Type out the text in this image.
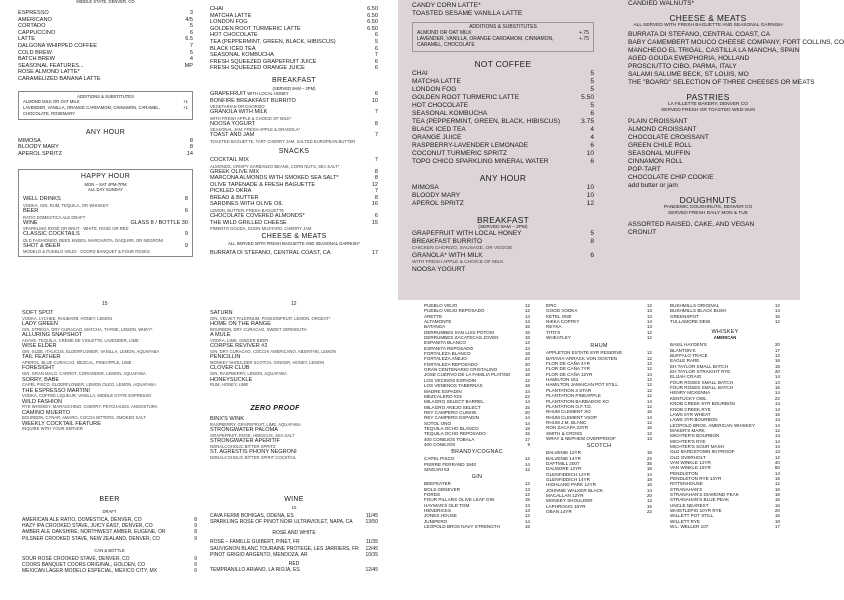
MIDDLE STATE, DENVER, CO
ESPRESSO	3
AMERICANO	4/5
CORTADO	5
CAPPUCCINO	6
LATTE	6.5
DALGONA WHIPPED COFFEE	7
COLD BREW	5
BATCH BREW	4
SEASONAL FEATURES...	MP
ROSE ALMOND LATTE*
CARAMELIZED BANANA LATTE
ADDITIONS & SUBSTITUTES
ALMOND MILK OR OAT MILK	+1
LAVENDER, VANILLA, ORANGE CARDAMOM, CINNAMON, CARAMEL, CHOCOLATE, ROSEMARY
+1
ANY HOUR
MIMOSA	8
BLOODY MARY	8
APEROL SPRITZ	14
HAPPY HOUR
MON – SAT 4PM-7PM
ALL DAY SUNDAY
WELL DRINKS	8
VODKA, GIN, RUM, TEQUILA, OR WHISKEY
BEER	6
RATIO DOMESTICA ALE DRAFT
WINE	GLASS 8 / BOTTLE 30
SPARKLING ROSÉ OR BRUT · WHITE, ROSÉ OR RED
CLASSIC COCKTAILS	9
OLD FASHIONED, BEES KNEES, MARGARITA, DAIQUIRI, OR NEGRONI
SHOT & BEER	9
MODELO & PUEBLO VIEJO · COORS BANQUET & FOUR ROSES
CHAI	6.50
MATCHA LATTE	6.50
LONDON FOG	6.50
GOLDEN ROOT TURMERIC LATTE	6.50
HOT CHOCOLATE	6
TEA (PEPPERMINT, GREEN, BLACK, HIBISCUS)	5
BLACK ICED TEA	6
SEASONAL KOMBUCHA	7
FRESH SQUEEZED GRAPEFRUIT JUICE	6
FRESH SQUEEZED ORANGE JUICE	6
BREAKFAST
(SERVED 8AM – 2PM)
GRAPEFRUIT WITH LOCAL HONEY	6
BONFIRE BREAKFAST BURRITO	10
VEGETARIAN OR CHORIZO
GRANOLA WITH MILK	7
WITH FRESH APPLE & CHOICE OF MILK*
NOOSA YOGURT	8
SEASONAL JAM, FRESH APPLE & GRANOLA*
TOAST AND JAM	7
TOASTED BAGUETTE, TART CHERRY JAM, SALTED EUROPEAN BUTTER
SNACKS
COCKTAIL MIX	7
ALMONDS, CRISPY GARBANZO BEANS, CORN NUTS, SEA SALT*
GREEK OLIVE MIX	8
MARCONA ALMONDS WITH SMOKED SEA SALT*	8
OLIVE TAPENADE & FRESH BAGUETTE	12
PICKLED OKRA	7
BREAD & BUTTER	8
SARDINES WITH OLIVE OIL	16
LEMON, BUTTER, FRESH BAGUETTE
CHOCOLATE COVERED ALMONDS*	6
THE WILD GRILLED CHEESE	15
PIMENTO GOUDA, DIJON MUSTARD, CHERRY JAM
CHEESE & MEATS
ALL SERVED WITH FRESH BAGUETTE AND SEASONAL GARNISH*
BURRATA DI STEFANO, CENTRAL COAST, CA	17
CANDY CORN LATTE*
TOASTED SESAME VANILLA LATTE
ADDITIONS & SUBSTITUTES
ALMOND OR OAT MILK	+.75
LAVENDER, VANILLA, ORANGE CARDAMOM, CINNAMON, CARAMEL, CHOCOLATE
+.75
NOT COFFEE
CHAI	5
MATCHA LATTE	5
LONDON FOG	5
GOLDEN ROOT TURMERIC LATTE	5.50
HOT CHOCOLATE	5
SEASONAL KOMBUCHA	6
TEA (PEPPERMINT, GREEN, BLACK, HIBISCUS)	3.75
BLACK ICED TEA	4
ORANGE JUICE	4
RASPBERRY-LAVENDER LEMONADE	6
COCONUT TURMERIC SPRITZ	10
TOPO CHICO SPARKLING MINERAL WATER	6
ANY HOUR
MIMOSA	10
BLOODY MARY	10
APEROL SPRITZ	12
BREAKFAST
(SERVED 8AM – 2PM)
GRAPEFRUIT WITH LOCAL HONEY	5
BREAKFAST BURRITO	8
CHICKEN CHORIZO, SAUSAGE, OR VEGGIE
GRANOLA* WITH MILK	6
WITH FRESH APPLE & CHOICE OF MILK
NOOSA YOGURT
CANDIED WALNUTS*
CHEESE & MEATS
ALL SERVED WITH FRESH BAGUETTE AND SEASONAL GARNISH
BURRATA DI STEFANO, CENTRAL COAST, CA
BABY CAMEMBERT MOUCO CHEESE COMPANY, FORT COLLINS, CO
MANCHEGO EL TRIGAL, CASTILLA LA MANCHA, SPAIN
AGED GOUDA EWEPHORIA, HOLLAND
PROSCIUTTO CIBO, PARMA, ITALY
SALAMI SALUME BECK, ST LOUIS, MO
THE "BOARD" SELECTION OF THREE CHEESES OR MEATS
PASTRIES
LA FILLETTE BAKERY, DENVER CO
SERVED FRESH OR TOASTED WED-SUN
PLAIN CROISSANT
ALMOND CROISSANT
CHOCOLATE CROISSANT
GREEN CHILE ROLL
SEASONAL MUFFIN
CINNAMON ROLL
POP-TART
CHOCOLATE CHIP COOKIE
add butter or jam
DOUGHNUTS
PANDEMIC DOUGHNUTS, DENVER CO
SERVED FRESH DAILY MON & TUE
ASSORTED RAISED, CAKE, AND VEGAN
CRONUT
15	12
SOFT SPOT
VODKA, LYCHEE, RHUBARB, HONEY, LEMON
LADY GREEN
GIN, STREGA, DRY CURACAO, MATCHA, THYME, LEMON, WHEY*
ALLURING SNAPSHOT
AGAVE, TEQUILA, CRÈME DE VIOLETTE, LAVENDER, LIME
WISE ELDER
GIN, SUZE, ITALICUS, ELDERFLOWER, VANILLA, LEMON, AQUAFABA
TAIL FEATHER
APEROL, BLUE CURACAO, MEZCAL, PINEAPPLE, LIME
FORESIGHT
GIN, GRAN MALO, CARROT, CORIANDER, LEMON, AQUAFABA
SORRY, BABE
CAPEL PISCO, ELDERFLOWER, LEMON OLEO, LEMON, AQUAFABA
THE ESPRESSO MARTINI
VODKA, COFFEE LIQUEUR, VANILLA, MIDDLE STATE ESPRESSO
WILD FASHION
RYE WHISKEY, MARASCHINO, CHERRY, PEYCHAUDS, ANGOSTURA
CAMINO MUERTO
BOURBON, CYNAR, AMARO, COCOA BITTERS, SMOKED SALT
WEEKLY COCKTAIL FEATURE
INQUIRE WITH YOUR SERVER
SATURN
GIN, VELVET FALERNUM, PASSIONFRUIT, LEMON, ORGEAT*
HOME ON THE RANGE
BOURBON, DRY CURACAO, SWEET VERMOUTH
A MULE
VODKA, LIME, GINGER BEER
CORPSE REVIVER #2
GIN, DRY CURACAO, COCCHI AMERICANO, ABSINTHE, LEMON
PENICILLIN
MONKEY SHOULDER SCOTCH, GINGER, HONEY, LEMON
CLOVER CLUB
GIN, RASPBERRY, LEMON, AQUAFABA
HONEYSUCKLE
RUM, HONEY, LIME
ZERO PROOF
BINX'S WINK
RASPBERRY, GRAPEFRUIT, LIME, AQUAFABA
STRONGWATER PALOMA
GRAPEFRUIT, ROSE, HIBISCUS, SEA SALT
STRONGWATER APERITIF
NONALCOHOLIC BITTER SPRITZ
ST. AGRESTIS PHONY NEGRONI
NONALCOHOLIC BITTER SPIRIT COCKTAIL
BEER
DRAFT
AMERICAN ALE RATIO, DOMESTICA, DENVER, CO	8
HAZY IPA CROOKED STAVE, JUICY EAST, DENVER, CO	9
AMBER ALE OAKSHIRE, NORTHWEST AMBER, EUGENE, OR	8
PILSNER CROOKED STAVE, NEW ZEALAND, DENVER, CO	9
CAN & BOTTLE
SOUR ROSÉ CROOKED STAVE, DENVER, CO	9
COORS BANQUET COORS ORIGINAL, GOLDEN, CO	6
MEXICAN LAGER MODELO ESPECIAL, MEXICO CITY, MX	6
WINE
10
CAVA FERMI BOHIGAS, ODENA, ES	11/45
SPARKLING ROSE OF PINOT NOIR ULTRAVIOLET, NAPA, CA	13/50
ROSÉ AND WHITE
ROSÉ – FAMILLE GUIBERT, PINET, FR	11/35
SAUVIGNON BLANC TOURAINE PROTEGE, LES JARRIERS, FR 12/45
PINOT GRIGIO ARGENTO, MENDOZA, AR	10/35
RED
TEMPRANILLO ARIANO, LA RIOJA, ES	12/45
PUEBLO VIEJO	12
PUEBLO VIEJO REPOSADO	12
ARETTE	14
ALTAMONTE	13
BATANGA	15
DERRUMBES SAN LUIS POTOSI	16
DERRUMBES ZACATECAS JOVEN	18
ESPANITA BLANCO	12
ESPANITA REPOSADO	13
FORTALEZA BLANCO	18
FORTALEZA AÑEJO	22
FORTALEZA REPOSADO	20
GRAN CENTENARIO CRISTALINO	12
JOSE CUERVO DE LA FAMILIA PLATINO	18
LOS VECINOS ESPADIN	12
LOS VENENOS TABERNAS	18
MADRE ESPADIN	14
MEZCALERO #23	22
MILAGRO SELECT BARREL	14
MILAGRO ANEJO SELECT	15
REY CAMPERO CUISHE	20
REY CAMPERO ESPADIN	14
SOTOL ONO	14
TEQUILA OCHO BLANCO	15
TEQUILA OCHO REPOSADO	15
400 CONEJOS TOBALA	17
400 CONEJOS	9
BRANDY/COGNAC
CAPEL PISCO	12
PIERRE FERRAND 1840	14
SINGANI 63	12
GIN
BEEFEATER	12
BOLS GENEVER	13
FORDS	12
FOUR PILLARS OLIVE LEAF GIN	15
HAYMAN'S OLD TOM	13
HENDRICKS	14
JONES HOUSE	12
JUNIPERO	14
LEOPOLD BROS NAVY STRENGTH	15
EPIC	12
GOOD VODKA	13
KETEL ONE	13
NIKKA COFFEY	14
REYKA	13
TITO'S	12
WHEATLEY	12
RHUM
APPLETON ESTATE 8YR RESERVE	12
BATAVIA-ARRACK VON OOSTEN	12
FLOR DE CAÑA 4YR	12
FLOR DE CAÑA 7YR	12
FLOR DE CAÑA 12YR	14
HAMILTON 151	12
HAMILTON JAMAICAN POT STILL	12
PLANTATION 3 STAR	12
PLANTATION PINEAPPLE	12
PLANTATION BARBADOS XO	14
PLANTATION O.F.T.D.	12
RHUM CLEMENT XO	16
RHUM CLEMENT VSOP	14
RHUM J.M. BLANC	12
RON ZACAPA 23YR	16
SMITH & CROSS	12
WRAY & NEPHEW OVERPROOF	13
SCOTCH
BALVENIE 12YR	18
BALVENIE 14YR	22
DAFTMILL 2007	35
DALMORE 12YR	18
GLENFIDDICH 12YR	14
GLENFIDDICH 14YR	18
HIGHLAND PARK 12YR	16
JOHNNIE WALKER BLACK	14
MACALLAN 12YR	20
MONKEY SHOULDER	13
LAPHROAIG 10YR	16
OBAN 14YR	22
BUSHMILLS ORIGINAL	12
BUSHMILLS BLACK BUSH	14
GREENSPOT	15
TULLAMORE DEW	12
WHISKEY
AMERICAN
BASIL HAYDEN'S	20
BLANTON'S	17
BUFFALO TRACE	12
EAGLE RARE	16
EH TAYLOR SMALL BATCH	18
EH TAYLOR STRAIGHT RYE	20
ELIJAH CRAIG	14
FOUR ROSES SMALL BATCH	14
FOUR ROSES SMALL BATCH	16
HENRY MCKENNA	14
KENTUCKY OWL	22
KNOB CREEK 9YR BOURBON	14
KNOB CREEK RYE	14
LAWS 5YR WHEAT	16
LAWS 3YR BOURBON	14
LEOPOLD BROS. AMERICAN WHISKEY	14
MAKER'S MARK	12
MICHTER'S BOURBON	14
MICHTER'S RYE	14
MICHTER'S SOUR MASH	14
OLD BARDSTOWN 90 PROOF	13
OLD OVERHOLT	12
VAN WINKLE 12YR	40
VAN WINKLE 15YR	60
PENDLETON	14
PENDLETON RYE 13YR	18
RITTENHOUSE	12
STRANAHAN'S	16
STRANAHAN'S DIAMOND PEAK	18
STRANAHAN'S BLUE PEAK	16
UNCLE NEAREST	16
WHISTLEPIG 10YR RYE	20
WILLETT POT STILL	16
WILLETT RYE	18
W.L. WELLER 107	17
